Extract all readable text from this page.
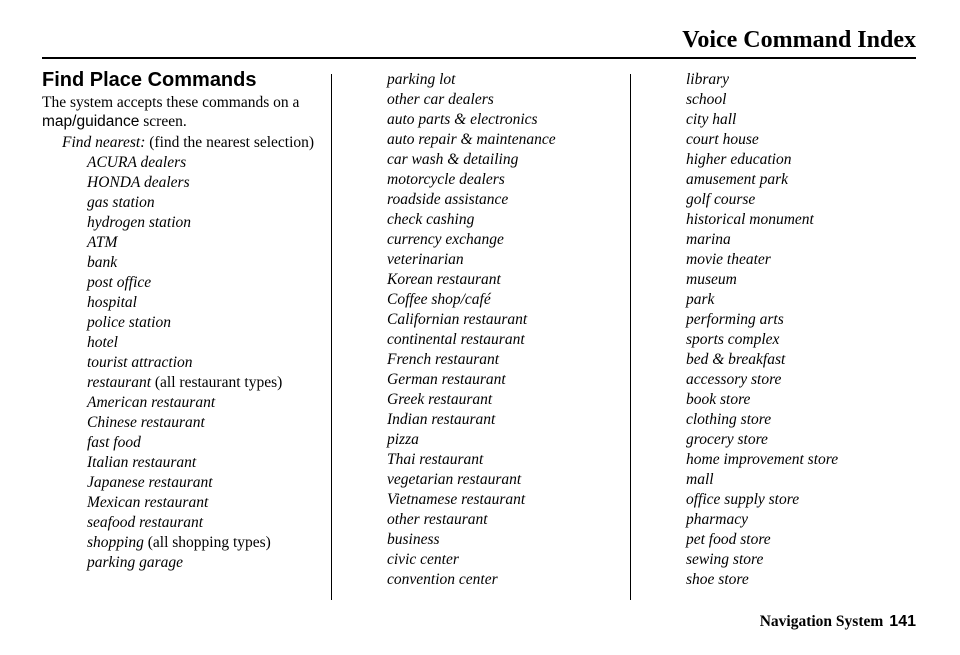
Voice Command Index
Find Place Commands
The system accepts these commands on a map/guidance screen.
Find nearest: (find the nearest selection)
ACURA dealers
HONDA dealers
gas station
hydrogen station
ATM
bank
post office
hospital
police station
hotel
tourist attraction
restaurant (all restaurant types)
American restaurant
Chinese restaurant
fast food
Italian restaurant
Japanese restaurant
Mexican restaurant
seafood restaurant
shopping (all shopping types)
parking garage
parking lot
other car dealers
auto parts & electronics
auto repair & maintenance
car wash & detailing
motorcycle dealers
roadside assistance
check cashing
currency exchange
veterinarian
Korean restaurant
Coffee shop/café
Californian restaurant
continental restaurant
French restaurant
German restaurant
Greek restaurant
Indian restaurant
pizza
Thai restaurant
vegetarian restaurant
Vietnamese restaurant
other restaurant
business
civic center
convention center
library
school
city hall
court house
higher education
amusement park
golf course
historical monument
marina
movie theater
museum
park
performing arts
sports complex
bed & breakfast
accessory store
book store
clothing store
grocery store
home improvement store
mall
office supply store
pharmacy
pet food store
sewing store
shoe store
Navigation System 141
